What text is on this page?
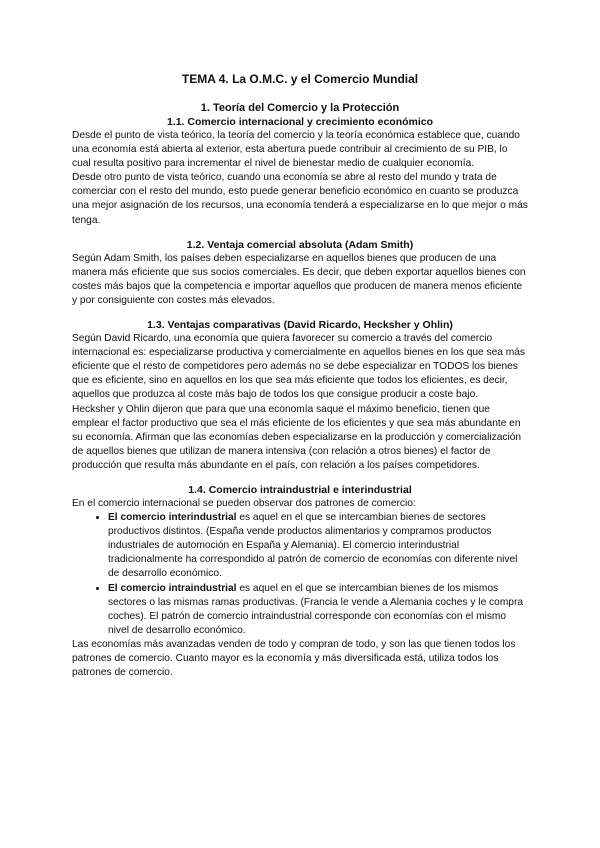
TEMA 4. La O.M.C. y el Comercio Mundial
1. Teoría del Comercio y la Protección
1.1. Comercio internacional y crecimiento económico

Desde el punto de vista teórico, la teoría del comercio y la teoría económica establece que, cuando una economía está abierta al exterior, esta abertura puede contribuir al crecimiento de su PIB, lo cual resulta positivo para incrementar el nivel de bienestar medio de cualquier economía.

Desde otro punto de vista teórico, cuando una economía se abre al resto del mundo y trata de comerciar con el resto del mundo, esto puede generar beneficio económico en cuanto se produzca una mejor asignación de los recursos, una economía tenderá a especializarse en lo que mejor o más tenga.

1.2. Ventaja comercial absoluta (Adam Smith)

Según Adam Smith, los países deben especializarse en aquellos bienes que producen de una manera más eficiente que sus socios comerciales. Es decir, que deben exportar aquellos bienes con costes más bajos que la competencia e importar aquellos que producen de manera menos eficiente y por consiguiente con costes más elevados.

1.3. Ventajas comparativas (David Ricardo, Hecksher y Ohlin)

Según David Ricardo, una economía que quiera favorecer su comercio a través del comercio internacional es: especializarse productiva y comercialmente en aquellos bienes en los que sea más eficiente que el resto de competidores pero además no se debe especializar en TODOS los bienes que es eficiente, sino en aquellos en los que sea más eficiente que todos los eficientes, es decir, aquellos que produzca al coste más bajo de todos los que consigue producir a coste bajo.

Hecksher y Ohlin dijeron que para que una economía saque el máximo beneficio, tienen que emplear el factor productivo que sea el más eficiente de los eficientes y que sea más abundante en su economía. Afirman que las economías deben especializarse en la producción y comercialización de aquellos bienes que utilizan de manera intensiva (con relación a otros bienes) el factor de producción que resulta más abundante en el país, con relación a los países competidores.

1.4. Comercio intraindustrial e interindustrial

En el comercio internacional se pueden observar dos patrones de comercio:

• El comercio interindustrial es aquel en el que se intercambian bienes de sectores productivos distintos. (España vende productos alimentarios y compramos productos industriales de automoción en España y Alemania). El comercio interindustrial tradicionalmente ha correspondido al patrón de comercio de economías con diferente nivel de desarrollo económico.
• El comercio intraindustrial es aquel en el que se intercambian bienes de los mismos sectores o las mismas ramas productivas. (Francia le vende a Alemania coches y le compra coches). El patrón de comercio intraindustrial corresponde con economías con el mismo nivel de desarrollo económico.

Las economías más avanzadas venden de todo y compran de todo, y son las que tienen todos los patrones de comercio. Cuanto mayor es la economía y más diversificada está, utiliza todos los patrones de comercio.
